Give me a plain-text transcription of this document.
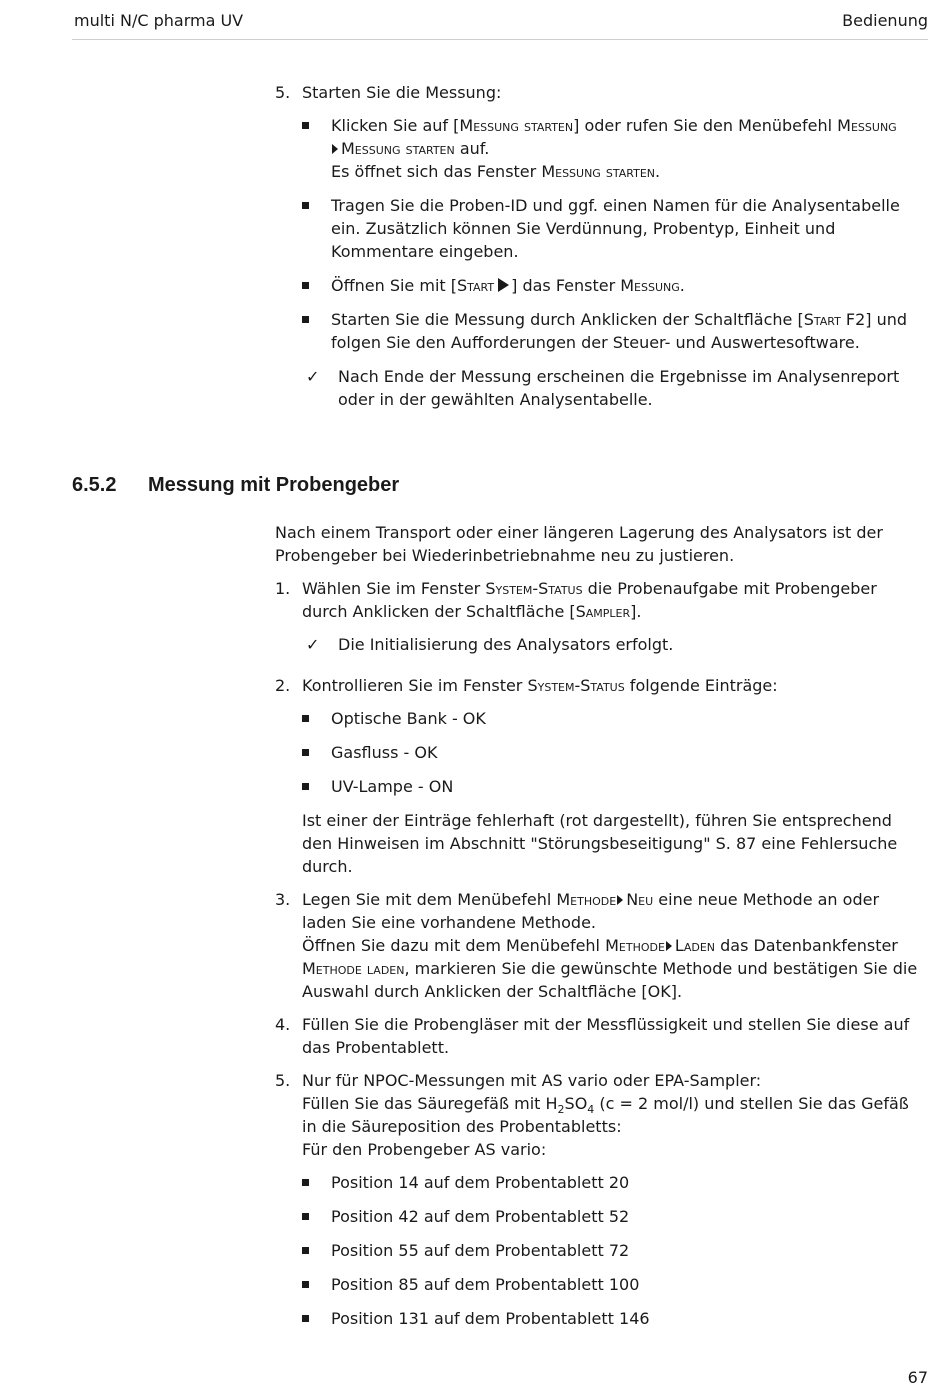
multi N/C pharma UV	Bedienung
5. Starten Sie die Messung:
Klicken Sie auf [Messung starten] oder rufen Sie den Menübefehl Messung
Messung starten auf.
Es öffnet sich das Fenster Messung starten.
Tragen Sie die Proben-ID und ggf. einen Namen für die Analysentabelle ein. Zusätzlich können Sie Verdünnung, Probentyp, Einheit und Kommentare eingeben.
Öffnen Sie mit [Start ] das Fenster Messung.
Starten Sie die Messung durch Anklicken der Schaltfläche [Start F2] und folgen Sie den Aufforderungen der Steuer- und Auswertesoftware.
✓ Nach Ende der Messung erscheinen die Ergebnisse im Analysenreport oder in der gewählten Analysentabelle.
6.5.2 Messung mit Probengeber
Nach einem Transport oder einer längeren Lagerung des Analysators ist der Probengeber bei Wiederinbetriebnahme neu zu justieren.
1. Wählen Sie im Fenster System-Status die Probenaufgabe mit Probengeber durch Anklicken der Schaltfläche [Sampler].
✓ Die Initialisierung des Analysators erfolgt.
2. Kontrollieren Sie im Fenster System-Status folgende Einträge:
Optische Bank - OK
Gasfluss - OK
UV-Lampe - ON
Ist einer der Einträge fehlerhaft (rot dargestellt), führen Sie entsprechend den Hinweisen im Abschnitt "Störungsbeseitigung" S. 87 eine Fehlersuche durch.
3. Legen Sie mit dem Menübefehl Methode Neu eine neue Methode an oder laden Sie eine vorhandene Methode.
Öffnen Sie dazu mit dem Menübefehl Methode Laden das Datenbankfenster Methode laden, markieren Sie die gewünschte Methode und bestätigen Sie die Auswahl durch Anklicken der Schaltfläche [OK].
4. Füllen Sie die Probengläser mit der Messflüssigkeit und stellen Sie diese auf das Probentablett.
5. Nur für NPOC-Messungen mit AS vario oder EPA-Sampler:
Füllen Sie das Säuregefäß mit $H_2SO_4$ (c = 2 mol/l) und stellen Sie das Gefäß in die Säureposition des Probentabletts:
Für den Probengeber AS vario:
Position 14 auf dem Probentablett 20
Position 42 auf dem Probentablett 52
Position 55 auf dem Probentablett 72
Position 85 auf dem Probentablett 100
Position 131 auf dem Probentablett 146
67
